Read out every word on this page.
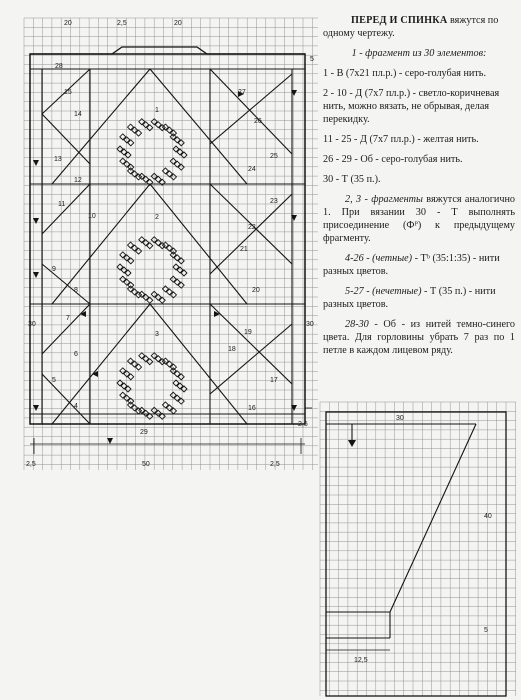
20	2,5	20
5
2,5
2,5	50	2,5
30	30
1
2
3
28
15
14
13
12
11
10
9
8
7
6
5
4
27
26
25
24
23
22
21
20
19
18
17
16
29
30
40
5
12,5

ПЕРЕД И СПИНКА вяжутся по одному чертежу.

1 - фрагмент из 30 элементов:

1 - В (7х21 пл.р.) - серо-голубая нить.

2 - 10 - Д (7х7 пл.р.) - светло-коричневая нить, можно вязать, не обрывая, делая перекидку.

11 - 25 - Д (7х7 пл.р.) - желтая нить.

26 - 29 - Об - серо-голубая нить.

30 - Т (35 п.).

2, 3 - фрагменты вяжутся аналогично 1. При вязании 30 - Т выполнять присоединение (Фᴾ) к предыдущему фрагменту.

4-26 - (четные) - Тᵇ (35:1:35) - нити разных цветов.

5-27 - (нечетные) - Т (35 п.) - нити разных цветов.

28-30 - Об - из нитей темно-синего цвета. Для горловины убрать 7 раз по 1 петле в каждом лицевом ряду.
